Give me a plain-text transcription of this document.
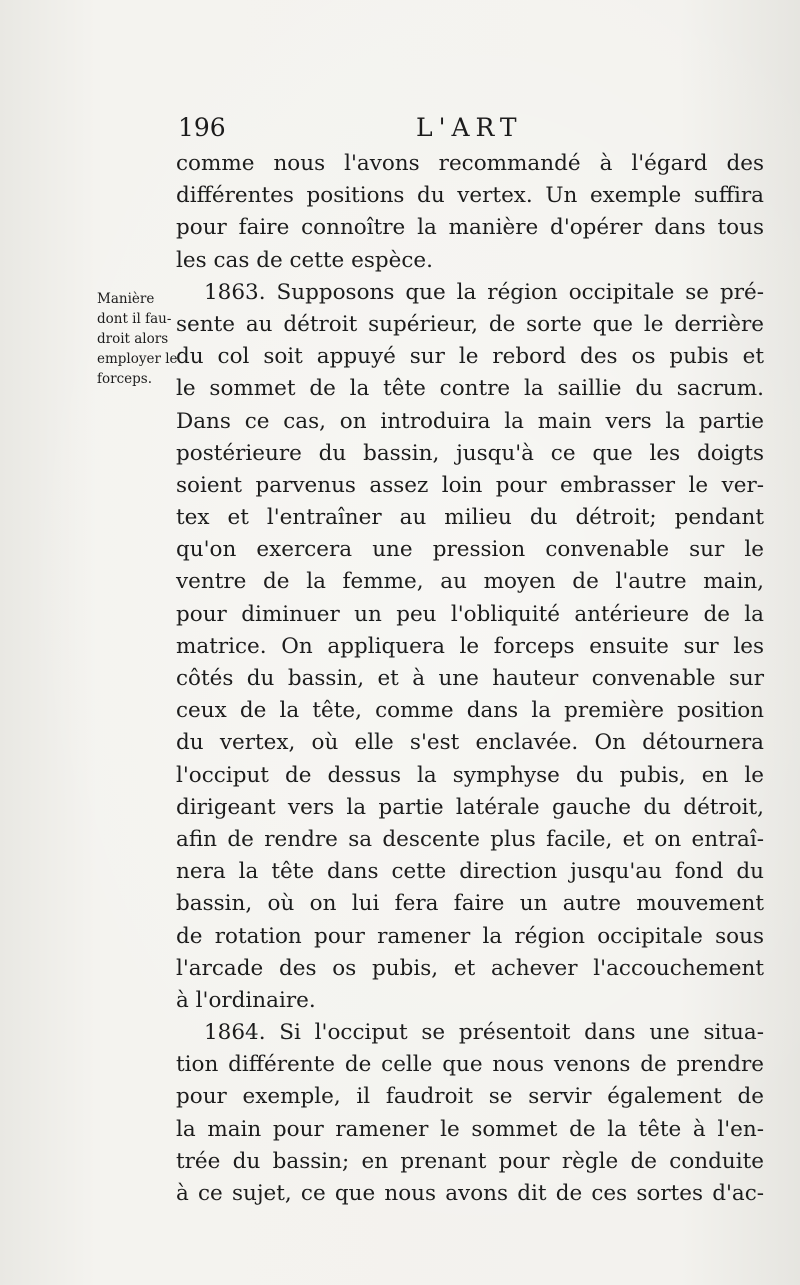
196	L'ART
Manière
dont il fau-
droit alors
employer le
forceps.
comme nous l'avons recommandé à l'égard des
différentes positions du vertex. Un exemple suffira
pour faire connoître la manière d'opérer dans tous
les cas de cette espèce.
1863. Supposons que la région occipitale se pré-
sente au détroit supérieur, de sorte que le derrière
du col soit appuyé sur le rebord des os pubis et
le sommet de la tête contre la saillie du sacrum.
Dans ce cas, on introduira la main vers la partie
postérieure du bassin, jusqu'à ce que les doigts
soient parvenus assez loin pour embrasser le ver-
tex et l'entraîner au milieu du détroit; pendant
qu'on exercera une pression convenable sur le
ventre de la femme, au moyen de l'autre main,
pour diminuer un peu l'obliquité antérieure de la
matrice. On appliquera le forceps ensuite sur les
côtés du bassin, et à une hauteur convenable sur
ceux de la tête, comme dans la première position
du vertex, où elle s'est enclavée. On détournera
l'occiput de dessus la symphyse du pubis, en le
dirigeant vers la partie latérale gauche du détroit,
afin de rendre sa descente plus facile, et on entraî-
nera la tête dans cette direction jusqu'au fond du
bassin, où on lui fera faire un autre mouvement
de rotation pour ramener la région occipitale sous
l'arcade des os pubis, et achever l'accouchement
à l'ordinaire.
1864. Si l'occiput se présentoit dans une situa-
tion différente de celle que nous venons de prendre
pour exemple, il faudroit se servir également de
la main pour ramener le sommet de la tête à l'en-
trée du bassin; en prenant pour règle de conduite
à ce sujet, ce que nous avons dit de ces sortes d'ac-
